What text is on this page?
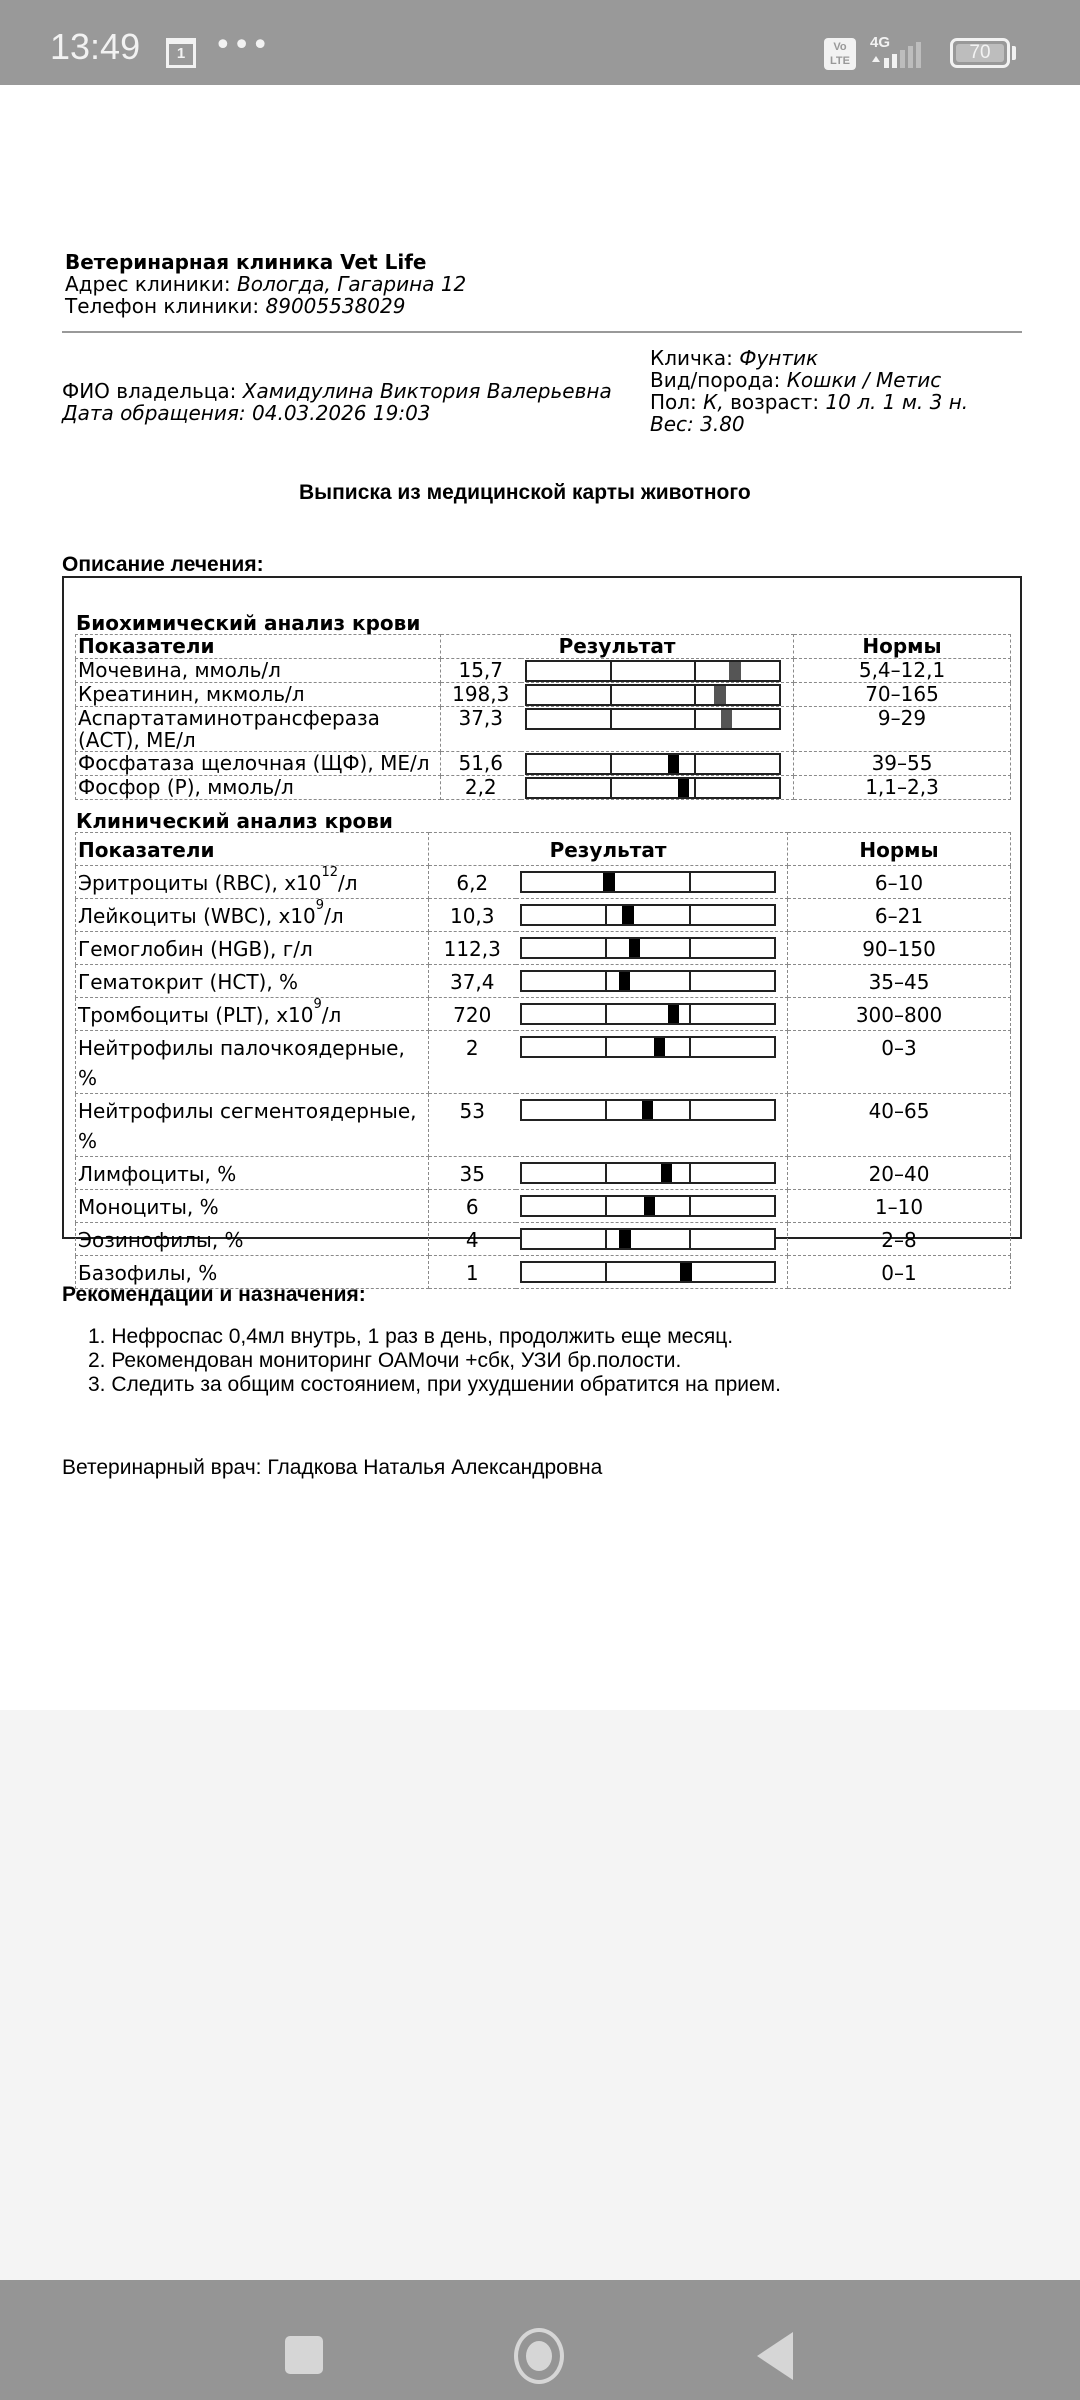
13:49	1 •••	Vo
LTE
4G	70
Ветеринарная клиника Vet Life
Адрес клиники: Вологда, Гагарина 12
Телефон клиники: 89005538029
Кличка: Фунтик
Вид/порода: Кошки / Метис
Пол: К, возраст: 10 л. 1 м. 3 н.
Вес: 3.80
ФИО владельца: Хамидулина Виктория Валерьевна
Дата обращения: 04.03.2026 19:03
Выписка из медицинской карты животного
Описание лечения:
Биохимический анализ крови
Показатели	Результат		Нормы
Мочевина, ммоль/л	15,7		5,4–12,1
Креатинин, мкмоль/л	198,3		70–165
Аспартатаминотрансфераза (АСТ), МЕ/л	37,3		9–29
Фосфатаза щелочная (ЩФ), МЕ/л	51,6		39–55
Фосфор (P), ммоль/л	2,2		1,1–2,3
Клинический анализ крови
Показатели	Результат		Нормы
Эритроциты (RBC), $x10^{12}/л$	6,2		6–10
Лейкоциты (WBC), $x10^9/л$	10,3		6–21
Гемоглобин (HGB), г/л	112,3		90–150
Гематокрит (HCT), %	37,4		35–45
Тромбоциты (PLT), $x10^9/л$	720		300–800
Нейтрофилы палочкоядерные, %	2		0–3
Нейтрофилы сегментоядерные, %	53		40–65
Лимфоциты, %	35		20–40
Моноциты, %	6		1–10
Эозинофилы, %	4		2–8
Базофилы, %	1		0–1
Рекомендации и назначения:
1. Нефроспас 0,4мл внутрь, 1 раз в день, продолжить еще месяц.
2. Рекомендован мониторинг ОАМочи +сбк, УЗИ бр.полости.
3. Следить за общим состоянием, при ухудшении обратится на прием.
Ветеринарный врач: Гладкова Наталья Александровна
